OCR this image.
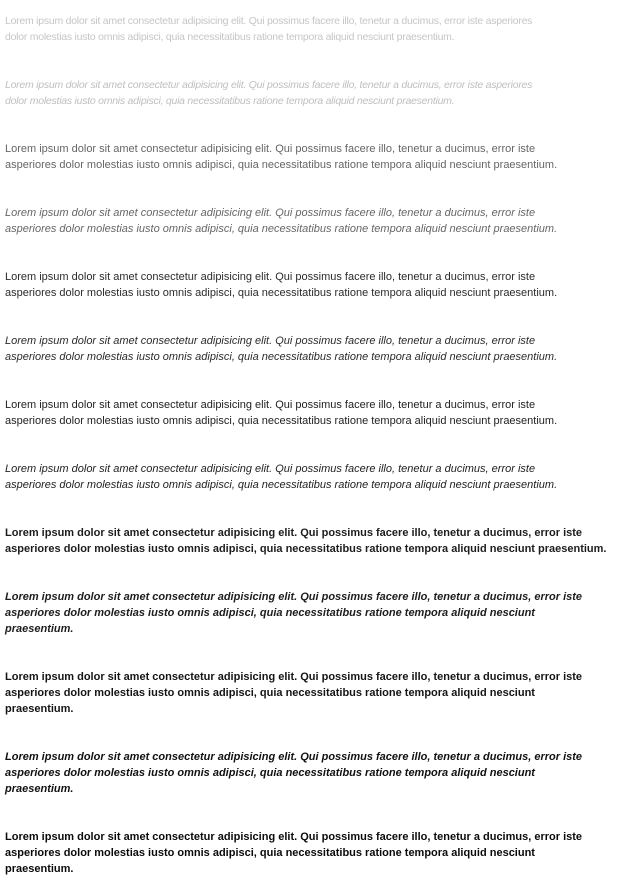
Lorem ipsum dolor sit amet consectetur adipisicing elit. Qui possimus facere illo, tenetur a ducimus, error iste asperiores
dolor molestias iusto omnis adipisci, quia necessitatibus ratione tempora aliquid nesciunt praesentium.

Lorem ipsum dolor sit amet consectetur adipisicing elit. Qui possimus facere illo, tenetur a ducimus, error iste asperiores
dolor molestias iusto omnis adipisci, quia necessitatibus ratione tempora aliquid nesciunt praesentium.

Lorem ipsum dolor sit amet consectetur adipisicing elit. Qui possimus facere illo, tenetur a ducimus, error iste
asperiores dolor molestias iusto omnis adipisci, quia necessitatibus ratione tempora aliquid nesciunt praesentium.

Lorem ipsum dolor sit amet consectetur adipisicing elit. Qui possimus facere illo, tenetur a ducimus, error iste
asperiores dolor molestias iusto omnis adipisci, quia necessitatibus ratione tempora aliquid nesciunt praesentium.

Lorem ipsum dolor sit amet consectetur adipisicing elit. Qui possimus facere illo, tenetur a ducimus, error iste
asperiores dolor molestias iusto omnis adipisci, quia necessitatibus ratione tempora aliquid nesciunt praesentium.

Lorem ipsum dolor sit amet consectetur adipisicing elit. Qui possimus facere illo, tenetur a ducimus, error iste
asperiores dolor molestias iusto omnis adipisci, quia necessitatibus ratione tempora aliquid nesciunt praesentium.

Lorem ipsum dolor sit amet consectetur adipisicing elit. Qui possimus facere illo, tenetur a ducimus, error iste
asperiores dolor molestias iusto omnis adipisci, quia necessitatibus ratione tempora aliquid nesciunt praesentium.

Lorem ipsum dolor sit amet consectetur adipisicing elit. Qui possimus facere illo, tenetur a ducimus, error iste
asperiores dolor molestias iusto omnis adipisci, quia necessitatibus ratione tempora aliquid nesciunt praesentium.

Lorem ipsum dolor sit amet consectetur adipisicing elit. Qui possimus facere illo, tenetur a ducimus, error iste
asperiores dolor molestias iusto omnis adipisci, quia necessitatibus ratione tempora aliquid nesciunt praesentium.

Lorem ipsum dolor sit amet consectetur adipisicing elit. Qui possimus facere illo, tenetur a ducimus, error iste
asperiores dolor molestias iusto omnis adipisci, quia necessitatibus ratione tempora aliquid nesciunt
praesentium.

Lorem ipsum dolor sit amet consectetur adipisicing elit. Qui possimus facere illo, tenetur a ducimus, error iste
asperiores dolor molestias iusto omnis adipisci, quia necessitatibus ratione tempora aliquid nesciunt
praesentium.

Lorem ipsum dolor sit amet consectetur adipisicing elit. Qui possimus facere illo, tenetur a ducimus, error iste
asperiores dolor molestias iusto omnis adipisci, quia necessitatibus ratione tempora aliquid nesciunt
praesentium.

Lorem ipsum dolor sit amet consectetur adipisicing elit. Qui possimus facere illo, tenetur a ducimus, error iste
asperiores dolor molestias iusto omnis adipisci, quia necessitatibus ratione tempora aliquid nesciunt
praesentium.
